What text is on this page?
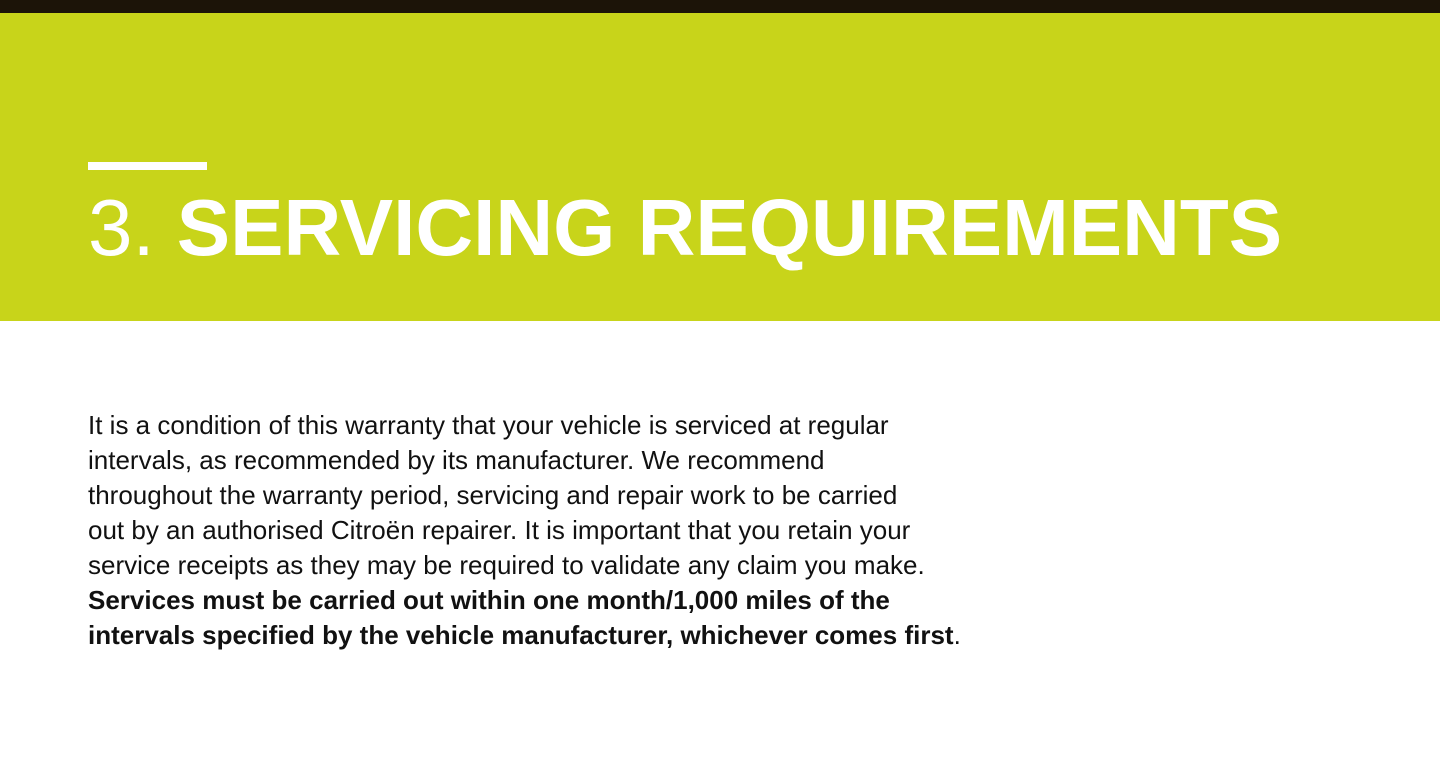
3. SERVICING REQUIREMENTS

It is a condition of this warranty that your vehicle is serviced at regular
intervals, as recommended by its manufacturer. We recommend
throughout the warranty period, servicing and repair work to be carried
out by an authorised Citroën repairer. It is important that you retain your
service receipts as they may be required to validate any claim you make.
Services must be carried out within one month/1,000 miles of the
intervals specified by the vehicle manufacturer, whichever comes first.
